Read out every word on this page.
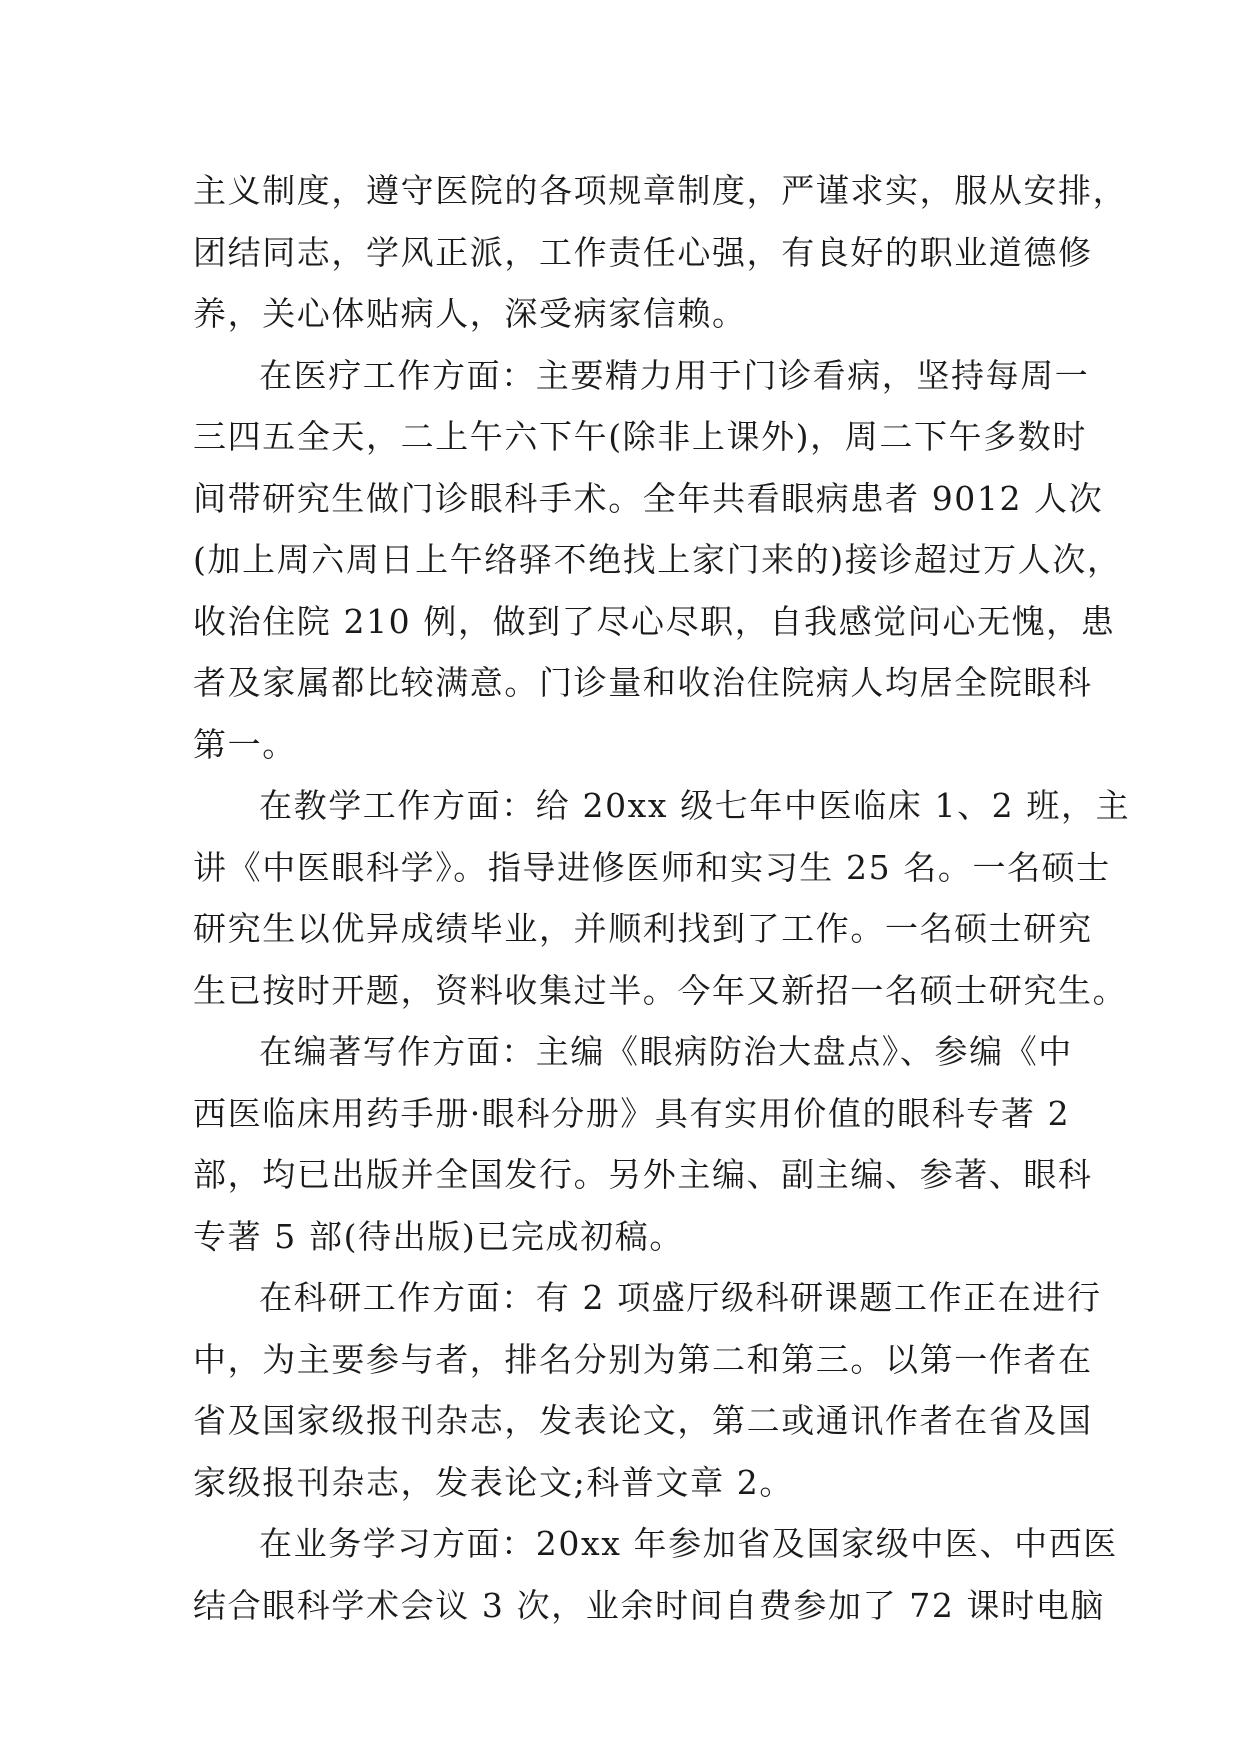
主义制度，遵守医院的各项规章制度，严谨求实，服从安排，
团结同志，学风正派，工作责任心强，有良好的职业道德修
养，关心体贴病人，深受病家信赖。
在医疗工作方面：主要精力用于门诊看病，坚持每周一
三四五全天，二上午六下午(除非上课外)，周二下午多数时
间带研究生做门诊眼科手术。全年共看眼病患者 9012 人次
(加上周六周日上午络驿不绝找上家门来的)接诊超过万人次，
收治住院 210 例，做到了尽心尽职，自我感觉问心无愧，患
者及家属都比较满意。门诊量和收治住院病人均居全院眼科
第一。
在教学工作方面：给 20xx 级七年中医临床 1、2 班，主
讲《中医眼科学》。指导进修医师和实习生 25 名。一名硕士
研究生以优异成绩毕业，并顺利找到了工作。一名硕士研究
生已按时开题，资料收集过半。今年又新招一名硕士研究生。
在编著写作方面：主编《眼病防治大盘点》、参编《中
西医临床用药手册·眼科分册》具有实用价值的眼科专著 2
部，均已出版并全国发行。另外主编、副主编、参著、眼科
专著 5 部(待出版)已完成初稿。
在科研工作方面：有 2 项盛厅级科研课题工作正在进行
中，为主要参与者，排名分别为第二和第三。以第一作者在
省及国家级报刊杂志，发表论文，第二或通讯作者在省及国
家级报刊杂志，发表论文;科普文章 2。
在业务学习方面：20xx 年参加省及国家级中医、中西医
结合眼科学术会议 3 次，业余时间自费参加了 72 课时电脑
